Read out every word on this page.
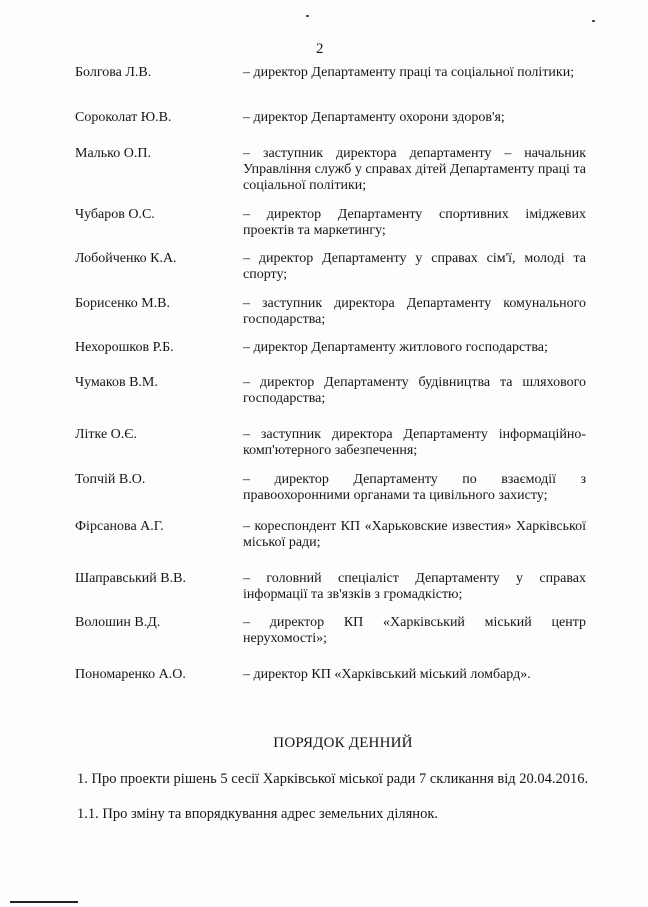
2
Болгова Л.В.	– директор Департаменту праці та соціальної політики;
Сороколат Ю.В.	– директор Департаменту охорони здоров'я;
Малько О.П.	– заступник директора департаменту – начальник Управління служб у справах дітей Департаменту праці та соціальної політики;
Чубаров О.С.	– директор Департаменту спортивних іміджевих проектів та маркетингу;
Лобойченко К.А.	– директор Департаменту у справах сім'ї, молоді та спорту;
Борисенко М.В.	– заступник директора Департаменту комунального господарства;
Нехорошков Р.Б.	– директор Департаменту житлового господарства;
Чумаков В.М.	– директор Департаменту будівництва та шляхового господарства;
Літке О.Є.	– заступник директора Департаменту інформаційно-комп'ютерного забезпечення;
Топчій В.О.	– директор Департаменту по взаємодії з правоохоронними органами та цивільного захисту;
Фірсанова А.Г.	– кореспондент КП «Харьковские известия» Харківської міської ради;
Шаправський В.В.	– головний спеціаліст Департаменту у справах інформації та зв'язків з громадкістю;
Волошин В.Д.	– директор КП «Харківський міський центр нерухомості»;
Пономаренко А.О.	– директор КП «Харківський міський ломбард».
ПОРЯДОК ДЕННИЙ
1. Про проекти рішень 5 сесії Харківської міської ради 7 скликання від 20.04.2016.
1.1. Про зміну та впорядкування адрес земельних ділянок.
